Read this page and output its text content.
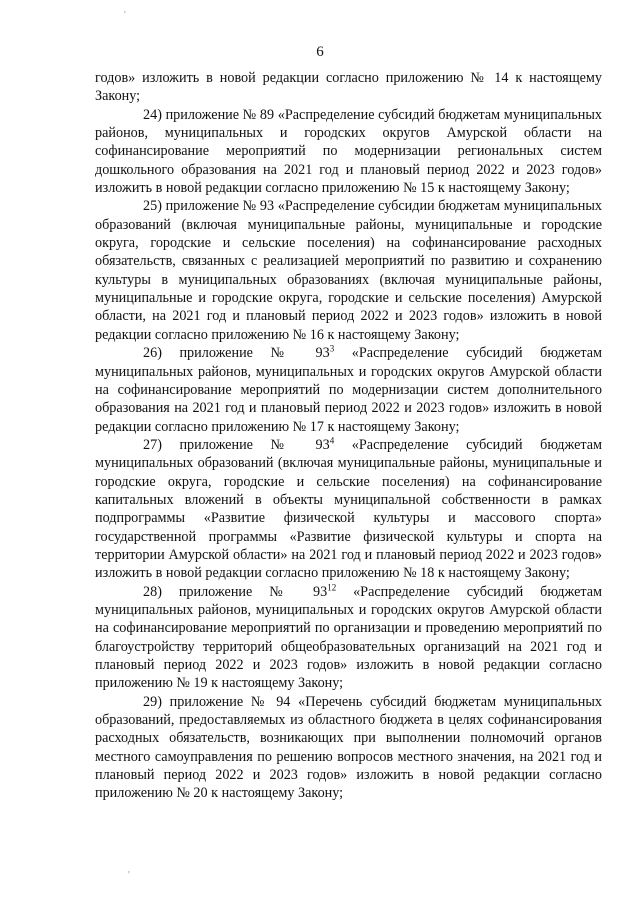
'
'
6

годов» изложить в новой редакции согласно приложению № 14 к настоящему Закону;

24) приложение № 89 «Распределение субсидий бюджетам муниципальных районов, муниципальных и городских округов Амурской области на софинансирование мероприятий по модернизации региональных систем дошкольного образования на 2021 год и плановый период 2022 и 2023 годов» изложить в новой редакции согласно приложению № 15 к настоящему Закону;

25) приложение № 93 «Распределение субсидии бюджетам муниципальных образований (включая муниципальные районы, муниципальные и городские округа, городские и сельские поселения) на софинансирование расходных обязательств, связанных с реализацией мероприятий по развитию и сохранению культуры в муниципальных образованиях (включая муниципальные районы, муниципальные и городские округа, городские и сельские поселения) Амурской области, на 2021 год и плановый период 2022 и 2023 годов» изложить в новой редакции согласно приложению № 16 к настоящему Закону;

26) приложение № $93^3$ «Распределение субсидий бюджетам муниципальных районов, муниципальных и городских округов Амурской области на софинансирование мероприятий по модернизации систем дополнительного образования на 2021 год и плановый период 2022 и 2023 годов» изложить в новой редакции согласно приложению № 17 к настоящему Закону;

27) приложение № $93^4$ «Распределение субсидий бюджетам муниципальных образований (включая муниципальные районы, муниципальные и городские округа, городские и сельские поселения) на софинансирование капитальных вложений в объекты муниципальной собственности в рамках подпрограммы «Развитие физической культуры и массового спорта» государственной программы «Развитие физической культуры и спорта на территории Амурской области» на 2021 год и плановый период 2022 и 2023 годов» изложить в новой редакции согласно приложению № 18 к настоящему Закону;

28) приложение № $93^{12}$ «Распределение субсидий бюджетам муниципальных районов, муниципальных и городских округов Амурской области на софинансирование мероприятий по организации и проведению мероприятий по благоустройству территорий общеобразовательных организаций на 2021 год и плановый период 2022 и 2023 годов» изложить в новой редакции согласно приложению № 19 к настоящему Закону;

29) приложение № 94 «Перечень субсидий бюджетам муниципальных образований, предоставляемых из областного бюджета в целях софинансирования расходных обязательств, возникающих при выполнении полномочий органов местного самоуправления по решению вопросов местного значения, на 2021 год и плановый период 2022 и 2023 годов» изложить в новой редакции согласно приложению № 20 к настоящему Закону;
